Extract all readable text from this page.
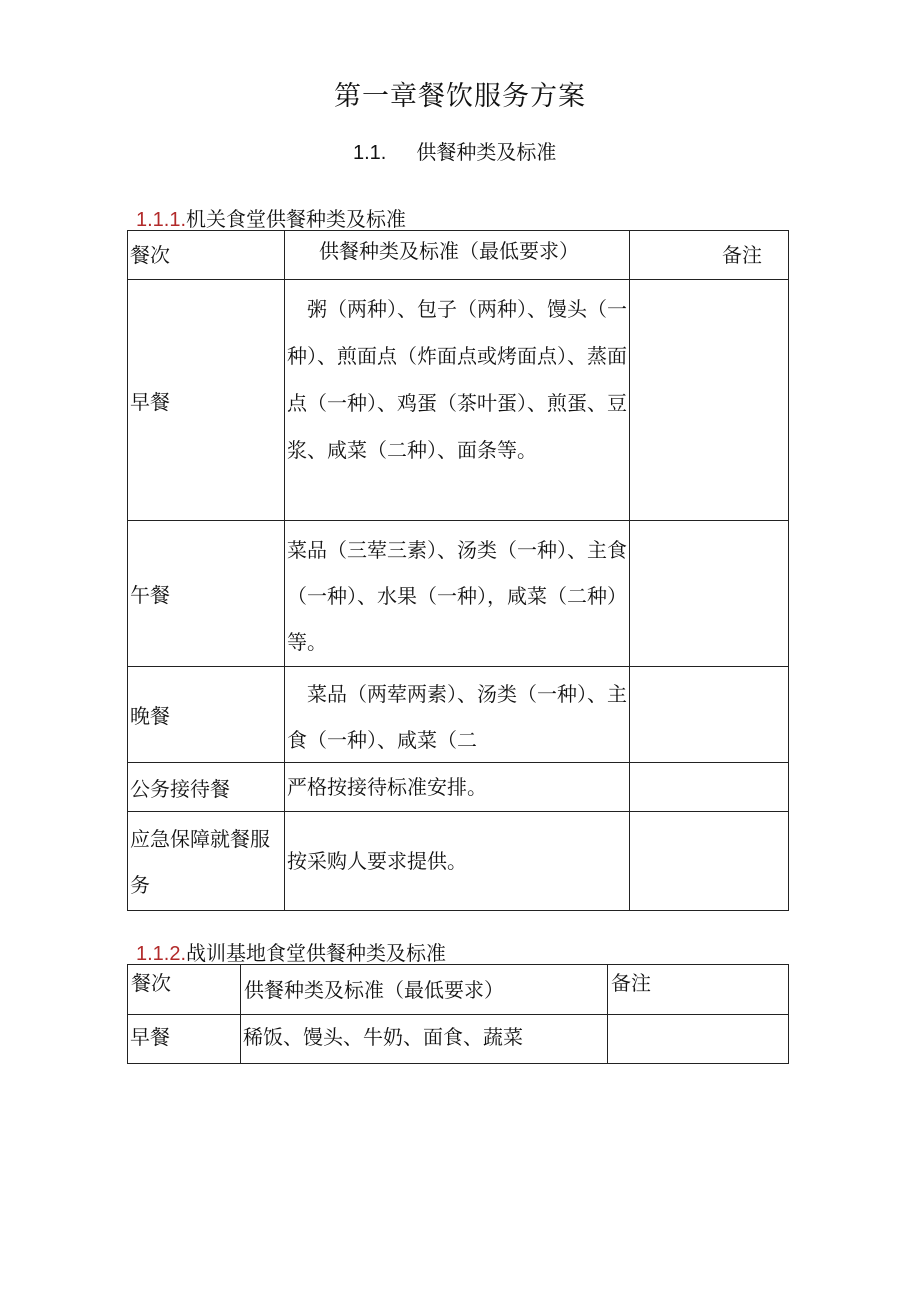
第一章餐饮服务方案
1.1. 供餐种类及标准
1.1.1.机关食堂供餐种类及标准
餐次	供餐种类及标准（最低要求）	备注

早餐	粥（两种）、包子（两种）、馒头（一种）、煎面点（炸面点或烤面点）、蒸面点（一种）、鸡蛋（茶叶蛋）、煎蛋、豆浆、咸菜（二种）、面条等。	

午餐	菜品（三荤三素）、汤类（一种）、主食（一种）、水果（一种），咸菜（二种）等。	

晚餐	菜品（两荤两素）、汤类（一种）、主食（一种）、咸菜（二	

公务接待餐	严格按接待标准安排。	

应急保障就餐服务	按采购人要求提供。	

1.1.2.战训基地食堂供餐种类及标准
餐次	供餐种类及标准（最低要求）	备注

早餐	稀饭、馒头、牛奶、面食、蔬菜	
